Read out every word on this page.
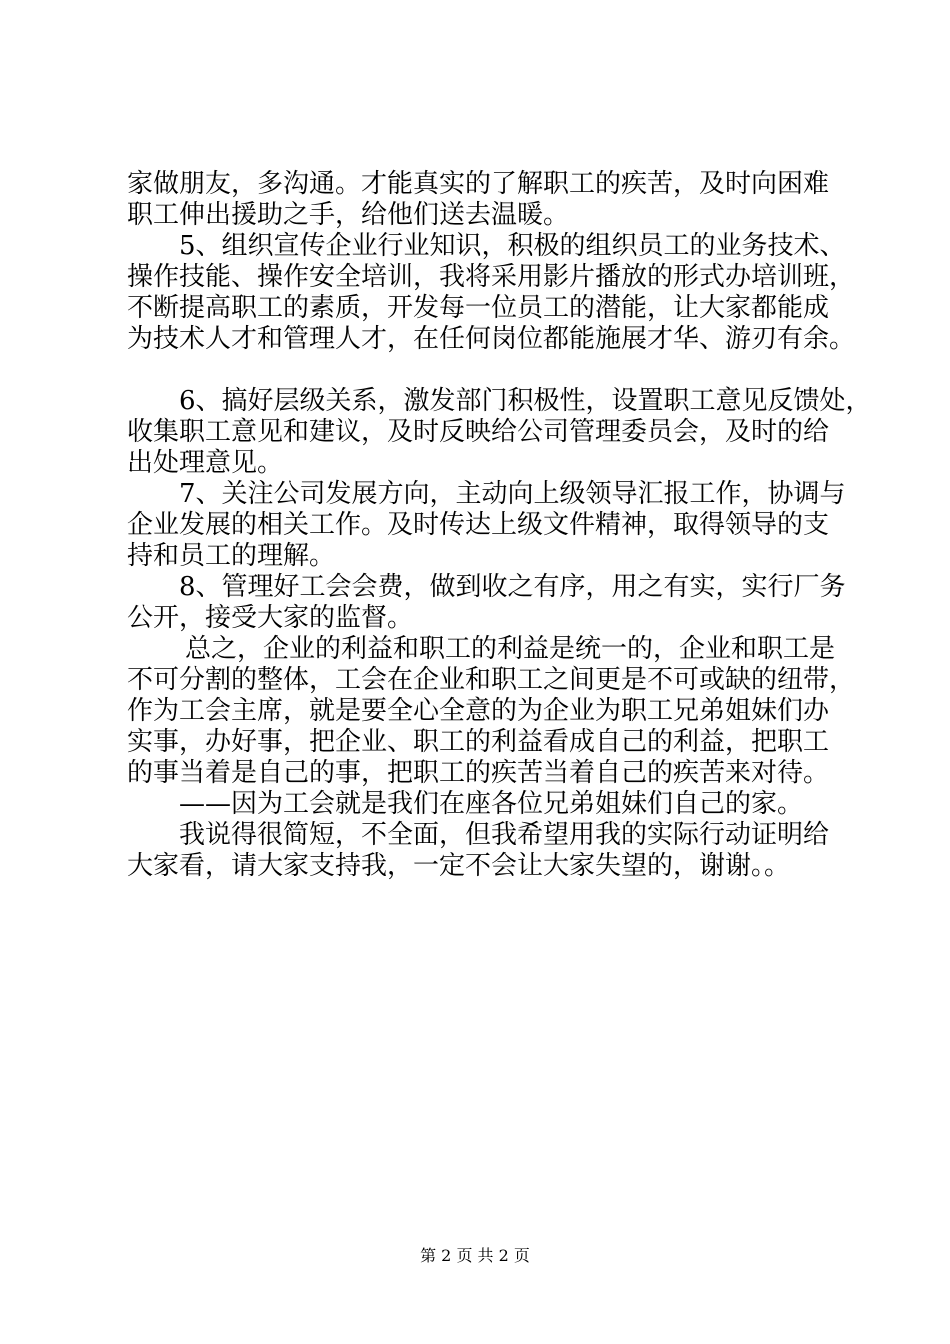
家做朋友，多沟通。才能真实的了解职工的疾苦，及时向困难
职工伸出援助之手，给他们送去温暖。
5、组织宣传企业行业知识，积极的组织员工的业务技术、
操作技能、操作安全培训，我将采用影片播放的形式办培训班，
不断提高职工的素质，开发每一位员工的潜能，让大家都能成
为技术人才和管理人才，在任何岗位都能施展才华、游刃有余。
6、搞好层级关系，激发部门积极性，设置职工意见反馈处，
收集职工意见和建议，及时反映给公司管理委员会，及时的给
出处理意见。
7、关注公司发展方向，主动向上级领导汇报工作，协调与
企业发展的相关工作。及时传达上级文件精神，取得领导的支
持和员工的理解。
8、管理好工会会费，做到收之有序，用之有实，实行厂务
公开，接受大家的监督。
总之，企业的利益和职工的利益是统一的，企业和职工是
不可分割的整体，工会在企业和职工之间更是不可或缺的纽带，
作为工会主席，就是要全心全意的为企业为职工兄弟姐妹们办
实事，办好事，把企业、职工的利益看成自己的利益，把职工
的事当着是自己的事，把职工的疾苦当着自己的疾苦来对待。
——因为工会就是我们在座各位兄弟姐妹们自己的家。
我说得很简短，不全面，但我希望用我的实际行动证明给
大家看，请大家支持我，一定不会让大家失望的，谢谢。。
第 2 页 共 2 页
